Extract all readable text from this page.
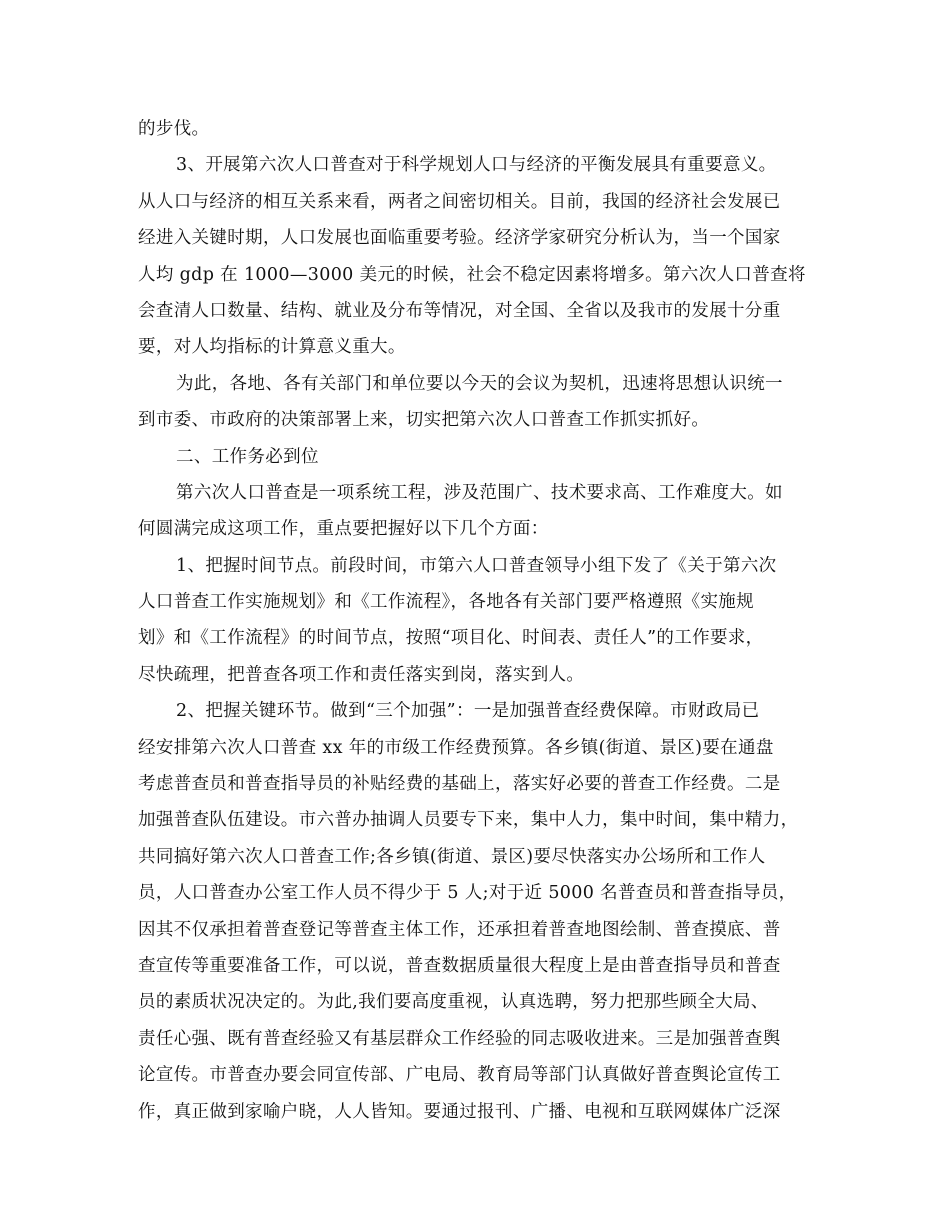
的步伐。
3、开展第六次人口普查对于科学规划人口与经济的平衡发展具有重要意义。
从人口与经济的相互关系来看，两者之间密切相关。目前，我国的经济社会发展已
经进入关键时期，人口发展也面临重要考验。经济学家研究分析认为，当一个国家
人均 gdp 在 1000—3000 美元的时候，社会不稳定因素将增多。第六次人口普查将
会查清人口数量、结构、就业及分布等情况，对全国、全省以及我市的发展十分重
要，对人均指标的计算意义重大。
为此，各地、各有关部门和单位要以今天的会议为契机，迅速将思想认识统一
到市委、市政府的决策部署上来，切实把第六次人口普查工作抓实抓好。
二、工作务必到位
第六次人口普查是一项系统工程，涉及范围广、技术要求高、工作难度大。如
何圆满完成这项工作，重点要把握好以下几个方面：
1、把握时间节点。前段时间，市第六人口普查领导小组下发了《关于第六次
人口普查工作实施规划》和《工作流程》，各地各有关部门要严格遵照《实施规
划》和《工作流程》的时间节点，按照“项目化、时间表、责任人”的工作要求，
尽快疏理，把普查各项工作和责任落实到岗，落实到人。
2、把握关键环节。做到“三个加强”：一是加强普查经费保障。市财政局已
经安排第六次人口普查 xx 年的市级工作经费预算。各乡镇(街道、景区)要在通盘
考虑普查员和普查指导员的补贴经费的基础上，落实好必要的普查工作经费。二是
加强普查队伍建设。市六普办抽调人员要专下来，集中人力，集中时间，集中精力，
共同搞好第六次人口普查工作;各乡镇(街道、景区)要尽快落实办公场所和工作人
员，人口普查办公室工作人员不得少于 5 人;对于近 5000 名普查员和普查指导员，
因其不仅承担着普查登记等普查主体工作，还承担着普查地图绘制、普查摸底、普
查宣传等重要准备工作，可以说，普查数据质量很大程度上是由普查指导员和普查
员的素质状况决定的。为此,我们要高度重视，认真选聘，努力把那些顾全大局、
责任心强、既有普查经验又有基层群众工作经验的同志吸收进来。三是加强普查舆
论宣传。市普查办要会同宣传部、广电局、教育局等部门认真做好普查舆论宣传工
作，真正做到家喻户晓，人人皆知。要通过报刊、广播、电视和互联网媒体广泛深
